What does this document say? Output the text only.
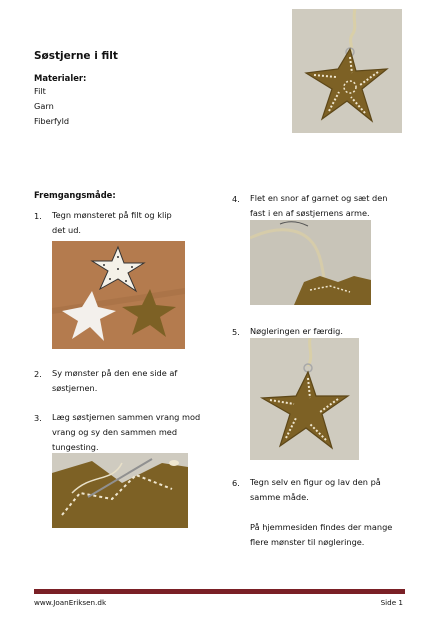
Søstjerne i filt
Materialer:
Filt
Garn
Fiberfyld
Fremgangsmåde:
1. Tegn mønsteret på filt og klip
det ud.
2. Sy mønster på den ene side af
søstjernen.
3. Læg søstjernen sammen vrang mod
vrang og sy den sammen med
tungesting.
4. Flet en snor af garnet og sæt den
fast i en af søstjernens arme.
5. Nøgleringen er færdig.
6. Tegn selv en figur og lav den på
samme måde.
På hjemmesiden findes der mange
flere mønster til nøgleringe.
www.JoanEriksen.dk	Side 1
